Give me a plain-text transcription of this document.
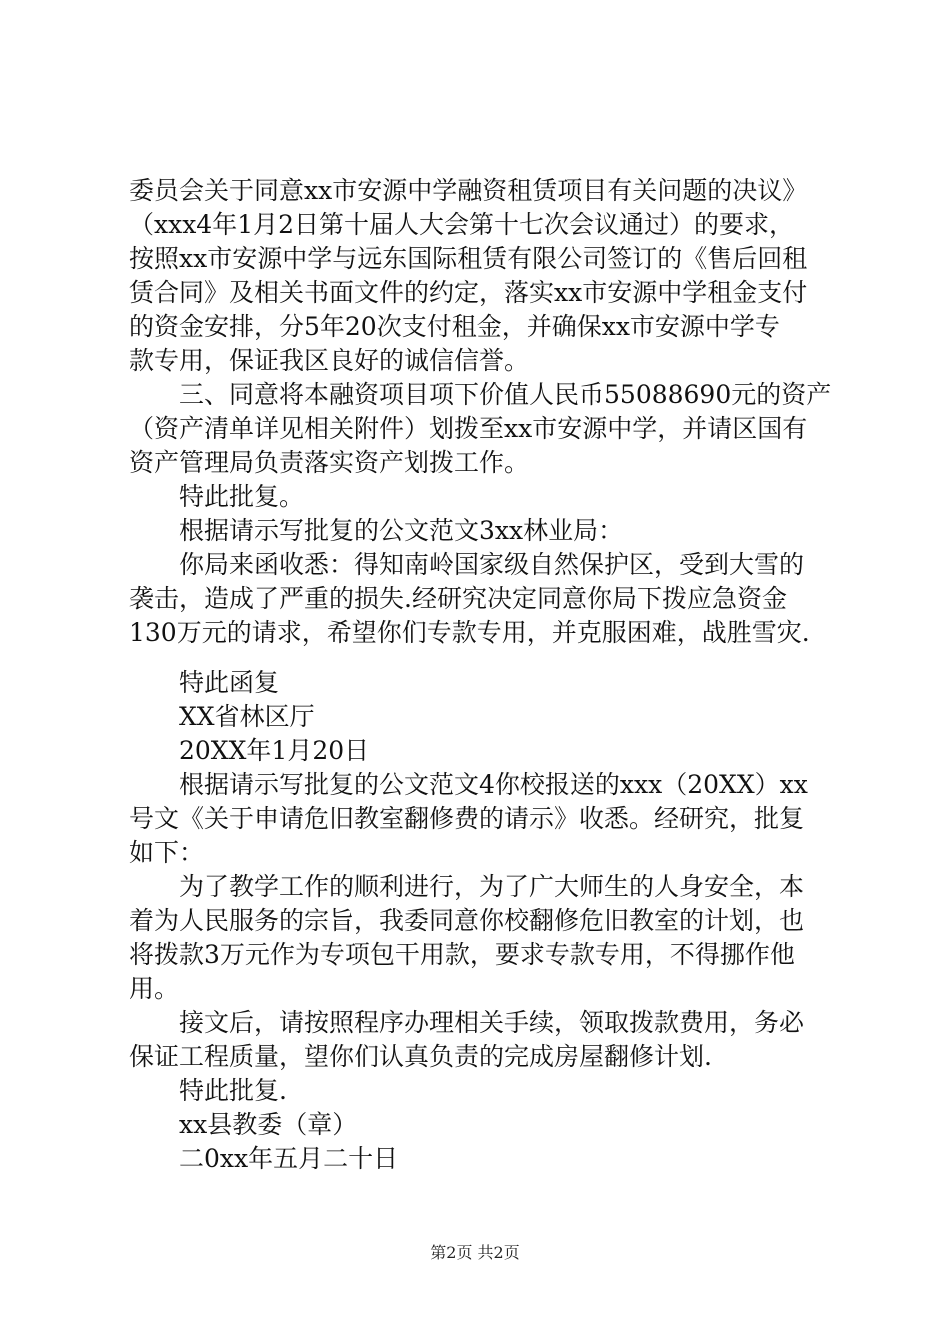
委员会关于同意xx市安源中学融资租赁项目有关问题的决议》
（xxx4年1月2日第十届人大会第十七次会议通过）的要求，
按照xx市安源中学与远东国际租赁有限公司签订的《售后回租
赁合同》及相关书面文件的约定，落实xx市安源中学租金支付
的资金安排，分5年20次支付租金，并确保xx市安源中学专
款专用，保证我区良好的诚信信誉。
三、同意将本融资项目项下价值人民币55088690元的资产
（资产清单详见相关附件）划拨至xx市安源中学，并请区国有
资产管理局负责落实资产划拨工作。
特此批复。
根据请示写批复的公文范文3xx林业局：
你局来函收悉：得知南岭国家级自然保护区，受到大雪的
袭击，造成了严重的损失.经研究决定同意你局下拨应急资金
130万元的请求，希望你们专款专用，并克服困难，战胜雪灾.
特此函复
XX省林区厅
20XX年1月20日
根据请示写批复的公文范文4你校报送的xxx（20XX）xx
号文《关于申请危旧教室翻修费的请示》收悉。经研究，批复
如下：
为了教学工作的顺利进行，为了广大师生的人身安全，本
着为人民服务的宗旨，我委同意你校翻修危旧教室的计划，也
将拨款3万元作为专项包干用款，要求专款专用，不得挪作他
用。
接文后，请按照程序办理相关手续，领取拨款费用，务必
保证工程质量，望你们认真负责的完成房屋翻修计划.
特此批复.
xx县教委（章）
二0xx年五月二十日
第2页 共2页
